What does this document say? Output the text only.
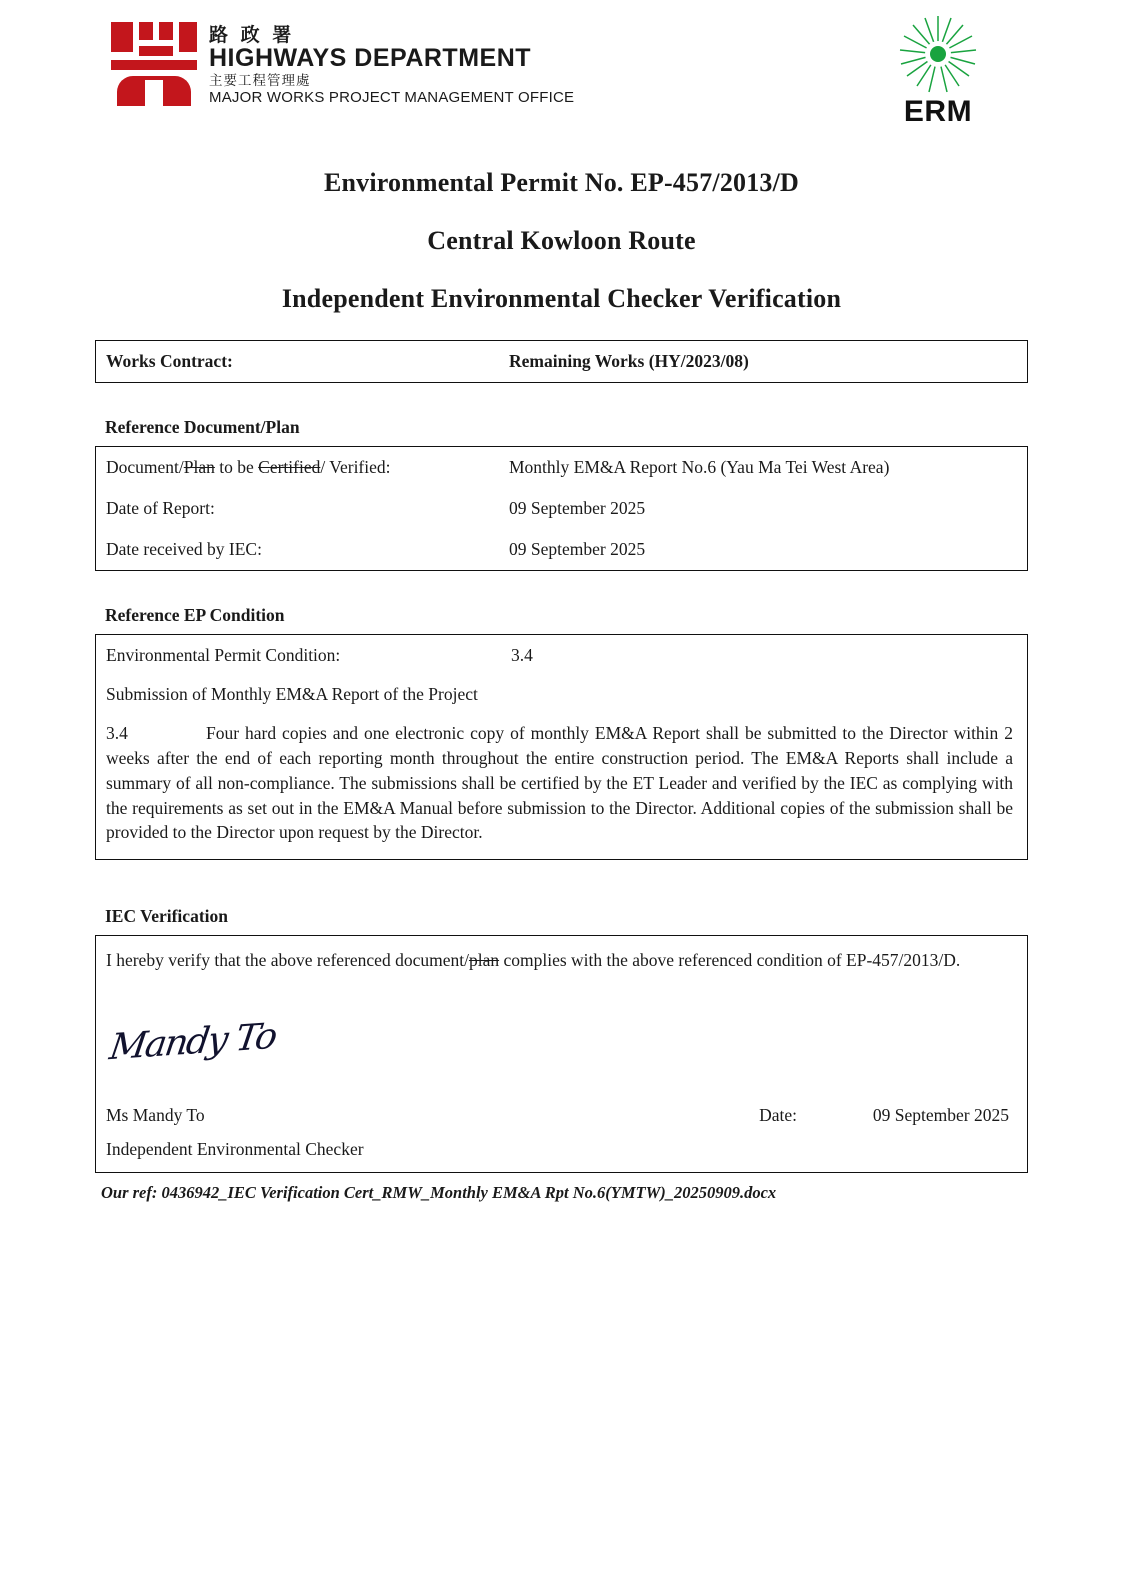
路 政 署
HIGHWAYS DEPARTMENT
主要工程管理處
MAJOR WORKS PROJECT MANAGEMENT OFFICE	ERM
Environmental Permit No. EP-457/2013/D
Central Kowloon Route
Independent Environmental Checker Verification
Works Contract:	Remaining Works (HY/2023/08)
Reference Document/Plan
Document/Plan to be Certified/ Verified:	Monthly EM&A Report No.6 (Yau Ma Tei West Area)
Date of Report:	09 September 2025
Date received by IEC:	09 September 2025
Reference EP Condition
Environmental Permit Condition:	3.4
Submission of Monthly EM&A Report of the Project
3.4	Four hard copies and one electronic copy of monthly EM&A Report shall be submitted to the Director within 2 weeks after the end of each reporting month throughout the entire construction period. The EM&A Reports shall include a summary of all non-compliance. The submissions shall be certified by the ET Leader and verified by the IEC as complying with the requirements as set out in the EM&A Manual before submission to the Director. Additional copies of the submission shall be provided to the Director upon request by the Director.
IEC Verification
I hereby verify that the above referenced document/plan complies with the above referenced condition of EP-457/2013/D.
Mandy To
Ms Mandy To
Independent Environmental Checker
Date:	09 September 2025
Our ref: 0436942_IEC Verification Cert_RMW_Monthly EM&A Rpt No.6(YMTW)_20250909.docx
